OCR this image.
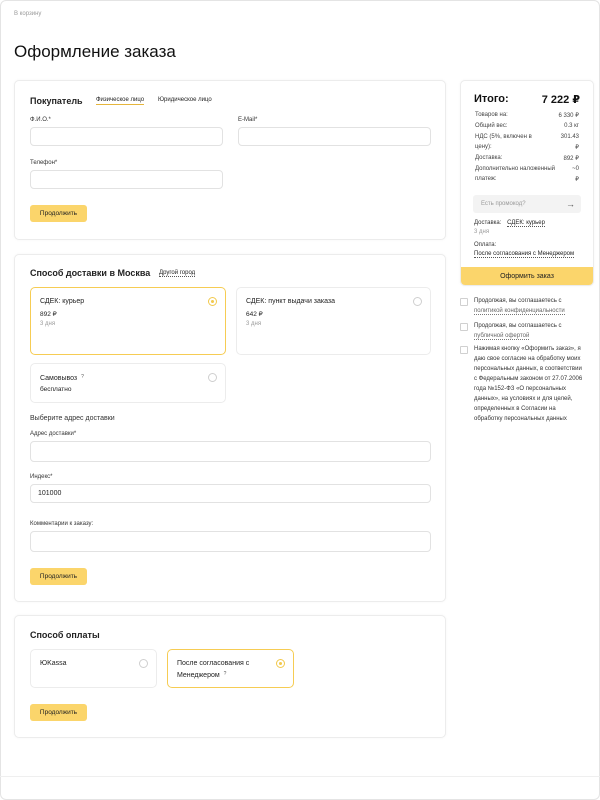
В корзину
Оформление заказа
Покупатель Физическое лицо Юридическое лицо
Ф.И.О.*	E-Mail*
Телефон*
Продолжить
Способ доставки в Москва Другой город
СДЕК: курьер
892 ₽
3 дня
СДЕК: пункт выдачи заказа
642 ₽
3 дня
Самовывоз ?
бесплатно
Выберите адрес доставки
Адрес доставки*
Индекс*
101000
Комментарии к заказу:
Продолжить
Способ оплаты
ЮKassa	После согласования с
Менеджером ?
Продолжить
Итого:	7 222 ₽
Товаров на:	6 330 ₽
Общий вес:	0.3 кг
НДС (5%, включен в	301.43
цену):	₽
Доставка:	892 ₽
Дополнительно наложенный	~0
платеж:	₽
Есть промокод?	→
Доставка: СДЕК: курьер
3 дня
Оплата:
После согласования с Менеджером
Оформить заказ
Продолжая, вы соглашаетесь с
политикой конфиденциальности
Продолжая, вы соглашаетесь с
публичной офертой
Нажимая кнопку «Оформить заказ», я
даю свое согласие на обработку моих
персональных данных, в соответствии
с Федеральным законом от 27.07.2006
года №152-ФЗ «О персональных
данных», на условиях и для целей,
определенных в Согласии на
обработку персональных данных
